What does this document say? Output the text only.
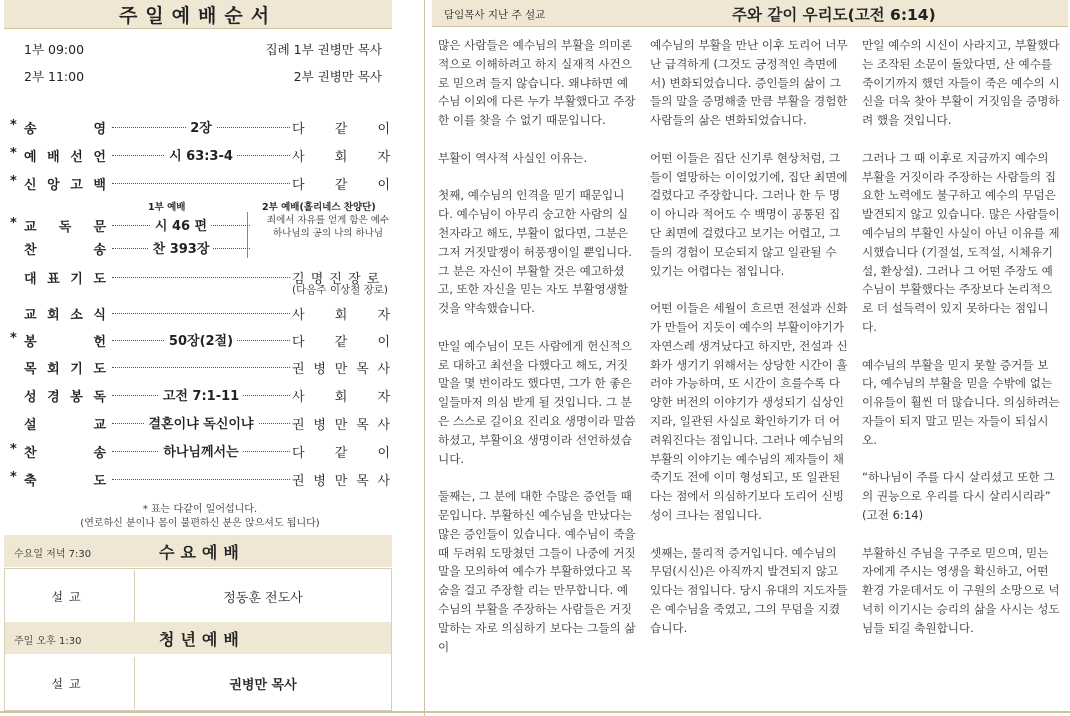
주일예배순서
1부 09:00	집례 1부 권병만 목사
2부 11:00	2부 권병만 목사
* 송	영	2장	다 같 이
* 예 배 선 언	시 63:3-4	사 회 자
* 신 앙 고 백	다 같 이
1부 예배	2부 예배(홀리네스 찬양단)
죄에서 자유를 얻게 함은 예수 하나님의 공의 나의 하나님
* 교 독 문	시 46 편
찬	송	찬 393장
대 표 기 도	김 명 진 장 로
(다음주 이상철 장로)
교 회 소 식	사 회 자
* 봉	헌	50장(2절)	다 같 이
목 회 기 도	권 병 만 목 사
성 경 봉 독	고전 7:1-11	사 회 자
설	교	결혼이냐 독신이냐	권 병 만 목 사
* 찬	송	하나님께서는	다 같 이
* 축	도	권 병 만 목 사
* 표는 다같이 일어섭니다.
(연로하신 분이나 몸이 불편하신 분은 앉으셔도 됩니다)
수요일 저녁 7:30	수요예배
설교	정동훈 전도사
주일 오후 1:30	청년예배
설교	권병만 목사
담임목사 지난 주 설교	주와 같이 우리도(고전 6:14)

많은 사람들은 예수님의 부활을 의미론적으로 이해하려고 하지 실재적 사건으로 믿으려 들지 않습니다. 왜냐하면 예수님 이외에 다른 누가 부활했다고 주장한 이를 찾을 수 없기 때문입니다.

부활이 역사적 사실인 이유는.

첫째, 예수님의 인격을 믿기 때문입니다. 예수님이 아무리 숭고한 사람의 실천자라고 해도, 부활이 없다면, 그분은 그저 거짓말쟁이 허풍쟁이일 뿐입니다. 그 분은 자신이 부활할 것은 예고하셨고, 또한 자신을 믿는 자도 부활영생할 것을 약속했습니다.

만일 예수님이 모든 사람에게 헌신적으로 대하고 최선을 다했다고 해도, 거짓말을 몇 번이라도 했다면, 그가 한 좋은 일들마저 의심 받게 될 것입니다. 그 분은 스스로 길이요 진리요 생명이라 말씀하셨고, 부활이요 생명이라 선언하셨습니다.

둘째는, 그 분에 대한 수많은 증언들 때문입니다. 부활하신 예수님을 만났다는 많은 증인들이 있습니다. 예수님이 죽을 때 두려워 도망쳤던 그들이 나중에 거짓말을 모의하여 예수가 부활하였다고 목숨을 걸고 주장할 리는 만무합니다. 예수님의 부활을 주장하는 사람들은 거짓말하는 자로 의심하기 보다는 그들의 삶이

예수님의 부활을 만난 이후 도리어 너무난 급격하게 (그것도 긍정적인 측면에서) 변화되었습니다. 증인들의 삶이 그들의 말을 증명해줄 만큼 부활을 경험한 사람들의 삶은 변화되었습니다.

어떤 이들은 집단 신기루 현상처럼, 그들이 열망하는 이이었기에, 집단 최면에 걸렸다고 주장합니다. 그러나 한 두 명이 아니라 적어도 수 백명이 공통된 집단 최면에 걸렸다고 보기는 어렵고, 그들의 경험이 모순되지 않고 일관될 수 있기는 어렵다는 점입니다.

어떤 이들은 세월이 흐르면 전설과 신화가 만들어 지듯이 예수의 부활이야기가 자연스레 생겨났다고 하지만, 전설과 신화가 생기기 위해서는 상당한 시간이 흘러야 가능하며, 또 시간이 흐를수록 다양한 버전의 이야기가 생성되기 십상인지라, 일관된 사실로 확인하기가 더 어려워진다는 점입니다. 그러나 예수님의 부활의 이야기는 예수님의 제자들이 채 죽기도 전에 이미 형성되고, 또 일관된다는 점에서 의심하기보다 도리어 신빙성이 크나는 점입니다.

셋째는, 물리적 증거입니다. 예수님의 무덤(시신)은 아직까지 발견되지 않고 있다는 점입니다. 당시 유대의 지도자들은 예수님을 죽였고, 그의 무덤을 지켰습니다.

만일 예수의 시신이 사라지고, 부활했다는 조작된 소문이 돌았다면, 산 예수를 죽이기까지 했던 자들이 죽은 예수의 시신을 더욱 찾아 부활이 거짓임을 증명하려 했을 것입니다.

그러나 그 때 이후로 지금까지 예수의 부활을 거짓이라 주장하는 사람들의 집요한 노력에도 불구하고 예수의 무덤은 발견되지 않고 있습니다. 많은 사람들이 예수님의 부활인 사실이 아닌 이유를 제시했습니다 (기절설, 도적설, 시체유기설, 환상설). 그러나 그 어떤 주장도 예수님이 부활했다는 주장보다 논리적으로 더 설득력이 있지 못하다는 점입니다.

예수님의 부활을 믿지 못할 증거들 보다, 예수님의 부활을 믿을 수밖에 없는 이유들이 훨씬 더 많습니다. 의심하려는 자들이 되지 말고 믿는 자들이 되십시오.

“하나님이 주를 다시 살리셨고 또한 그의 권능으로 우리를 다시 살리시리라” (고전 6:14)

부활하신 주님을 구주로 믿으며, 믿는 자에게 주시는 영생을 확신하고, 어떤 환경 가운데서도 이 구원의 소망으로 넉넉히 이기시는 승리의 삶을 사시는 성도님들 되길 축원합니다.
